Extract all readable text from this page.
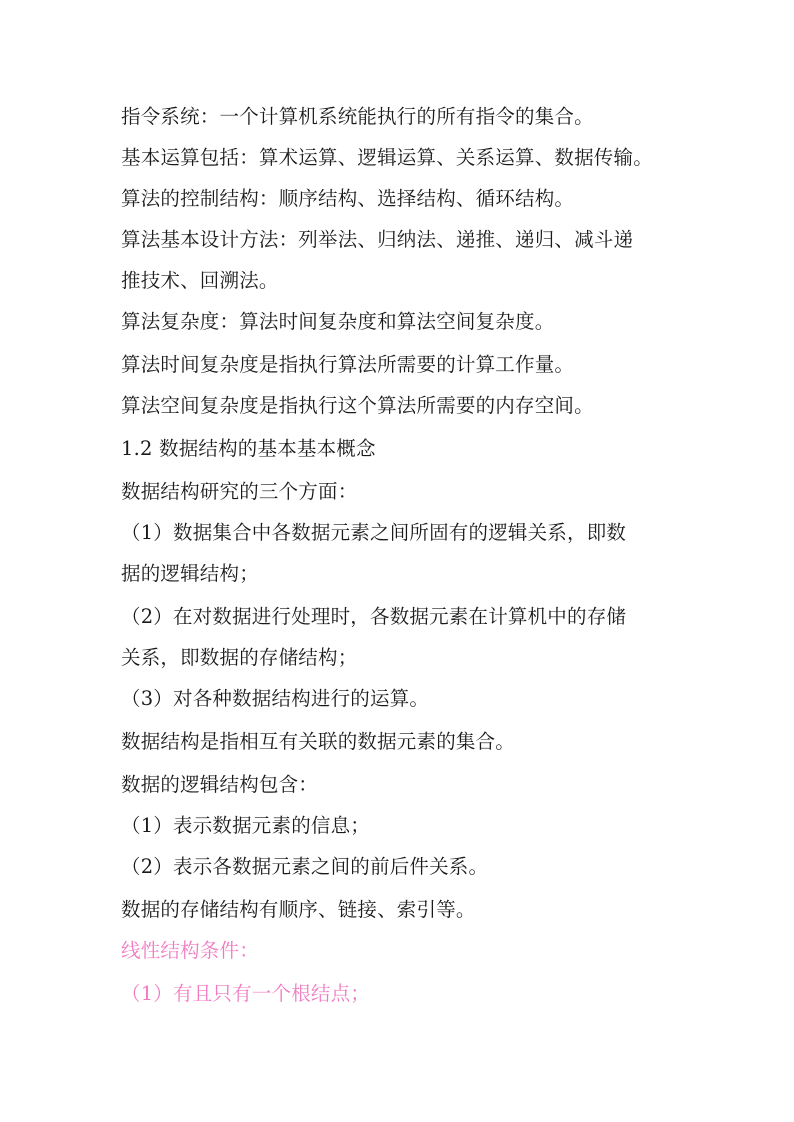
指令系统：一个计算机系统能执行的所有指令的集合。
基本运算包括：算术运算、逻辑运算、关系运算、数据传输。
算法的控制结构：顺序结构、选择结构、循环结构。
算法基本设计方法：列举法、归纳法、递推、递归、减斗递
推技术、回溯法。
算法复杂度：算法时间复杂度和算法空间复杂度。
算法时间复杂度是指执行算法所需要的计算工作量。
算法空间复杂度是指执行这个算法所需要的内存空间。
1.2 数据结构的基本基本概念
数据结构研究的三个方面：
（1）数据集合中各数据元素之间所固有的逻辑关系，即数
据的逻辑结构；
（2）在对数据进行处理时，各数据元素在计算机中的存储
关系，即数据的存储结构；
（3）对各种数据结构进行的运算。
数据结构是指相互有关联的数据元素的集合。
数据的逻辑结构包含：
（1）表示数据元素的信息；
（2）表示各数据元素之间的前后件关系。
数据的存储结构有顺序、链接、索引等。
线性结构条件：
（1）有且只有一个根结点；
